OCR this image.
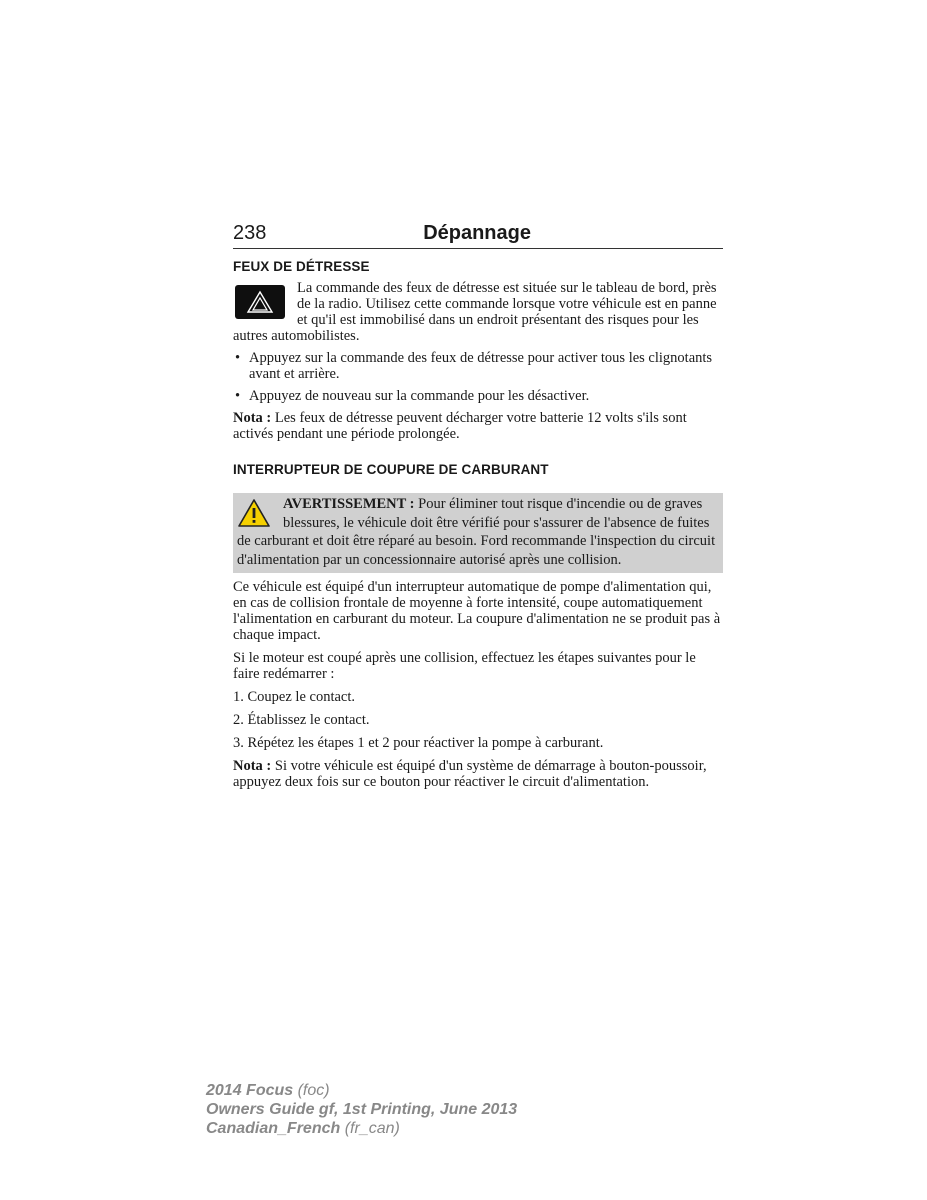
238	Dépannage
FEUX DE DÉTRESSE

La commande des feux de détresse est située sur le tableau de bord, près de la radio. Utilisez cette commande lorsque votre véhicule est en panne et qu'il est immobilisé dans un endroit présentant des risques pour les autres automobilistes.

• Appuyez sur la commande des feux de détresse pour activer tous les clignotants avant et arrière.
• Appuyez de nouveau sur la commande pour les désactiver.

Nota : Les feux de détresse peuvent décharger votre batterie 12 volts s'ils sont activés pendant une période prolongée.

INTERRUPTEUR DE COUPURE DE CARBURANT

AVERTISSEMENT : Pour éliminer tout risque d'incendie ou de graves blessures, le véhicule doit être vérifié pour s'assurer de l'absence de fuites de carburant et doit être réparé au besoin. Ford recommande l'inspection du circuit d'alimentation par un concessionnaire autorisé après une collision.

Ce véhicule est équipé d'un interrupteur automatique de pompe d'alimentation qui, en cas de collision frontale de moyenne à forte intensité, coupe automatiquement l'alimentation en carburant du moteur. La coupure d'alimentation ne se produit pas à chaque impact.

Si le moteur est coupé après une collision, effectuez les étapes suivantes pour le faire redémarrer :

1. Coupez le contact.

2. Établissez le contact.

3. Répétez les étapes 1 et 2 pour réactiver la pompe à carburant.

Nota : Si votre véhicule est équipé d'un système de démarrage à bouton-poussoir, appuyez deux fois sur ce bouton pour réactiver le circuit d'alimentation.

2014 Focus (foc)
Owners Guide gf, 1st Printing, June 2013
Canadian_French (fr_can)
